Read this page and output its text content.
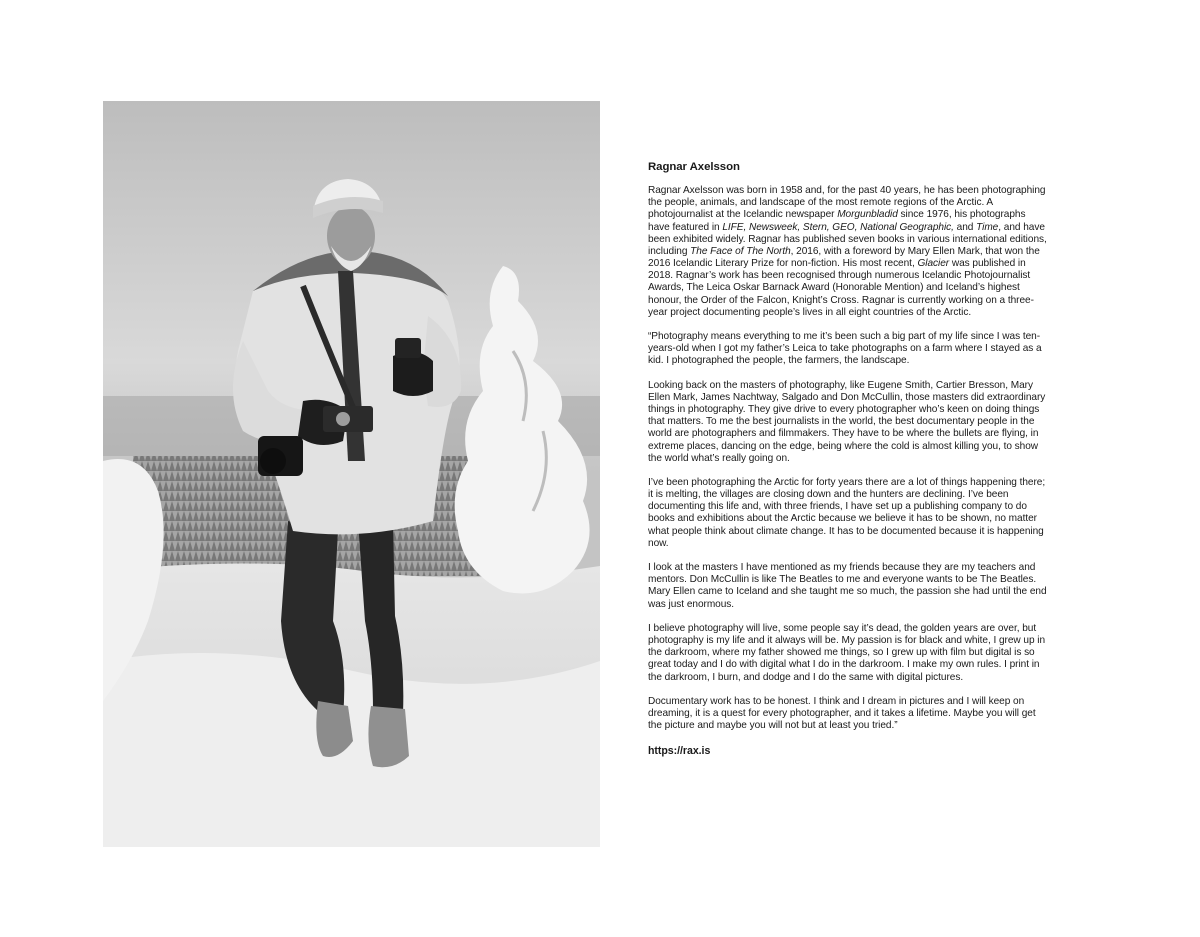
Ragnar Axelsson

Ragnar Axelsson was born in 1958 and, for the past 40 years, he has been photographing the people, animals, and landscape of the most remote regions of the Arctic. A photojournalist at the Icelandic newspaper Morgunbladid since 1976, his photographs have featured in LIFE, Newsweek, Stern, GEO, National Geographic, and Time, and have been exhibited widely. Ragnar has published seven books in various international editions, including The Face of The North, 2016, with a foreword by Mary Ellen Mark, that won the 2016 Icelandic Literary Prize for non-fiction. His most recent, Glacier was published in 2018. Ragnar’s work has been recognised through numerous Icelandic Photojournalist Awards, The Leica Oskar Barnack Award (Honorable Mention) and Iceland’s highest honour, the Order of the Falcon, Knight’s Cross. Ragnar is currently working on a three-year project documenting people’s lives in all eight countries of the Arctic.

“Photography means everything to me it’s been such a big part of my life since I was ten-years-old when I got my father’s Leica to take photographs on a farm where I stayed as a kid. I photographed the people, the farmers, the landscape.

Looking back on the masters of photography, like Eugene Smith, Cartier Bresson, Mary Ellen Mark, James Nachtway, Salgado and Don McCullin, those masters did extraordinary things in photography. They give drive to every photographer who’s keen on doing things that matters. To me the best journalists in the world, the best documentary people in the world are photographers and filmmakers. They have to be where the bullets are flying, in extreme places, dancing on the edge, being where the cold is almost killing you, to show the world what’s really going on.

I’ve been photographing the Arctic for forty years there are a lot of things happening there; it is melting, the villages are closing down and the hunters are declining. I’ve been documenting this life and, with three friends, I have set up a publishing company to do books and exhibitions about the Arctic because we believe it has to be shown, no matter what people think about climate change. It has to be documented because it is happening now.

I look at the masters I have mentioned as my friends because they are my teachers and mentors. Don McCullin is like The Beatles to me and everyone wants to be The Beatles. Mary Ellen came to Iceland and she taught me so much, the passion she had until the end was just enormous.

I believe photography will live, some people say it’s dead, the golden years are over, but photography is my life and it always will be. My passion is for black and white, I grew up in the darkroom, where my father showed me things, so I grew up with film but digital is so great today and I do with digital what I do in the darkroom. I make my own rules. I print in the darkroom, I burn, and dodge and I do the same with digital pictures.

Documentary work has to be honest. I think and I dream in pictures and I will keep on dreaming, it is a quest for every photographer, and it takes a lifetime. Maybe you will get the picture and maybe you will not but at least you tried.”

https://rax.is
